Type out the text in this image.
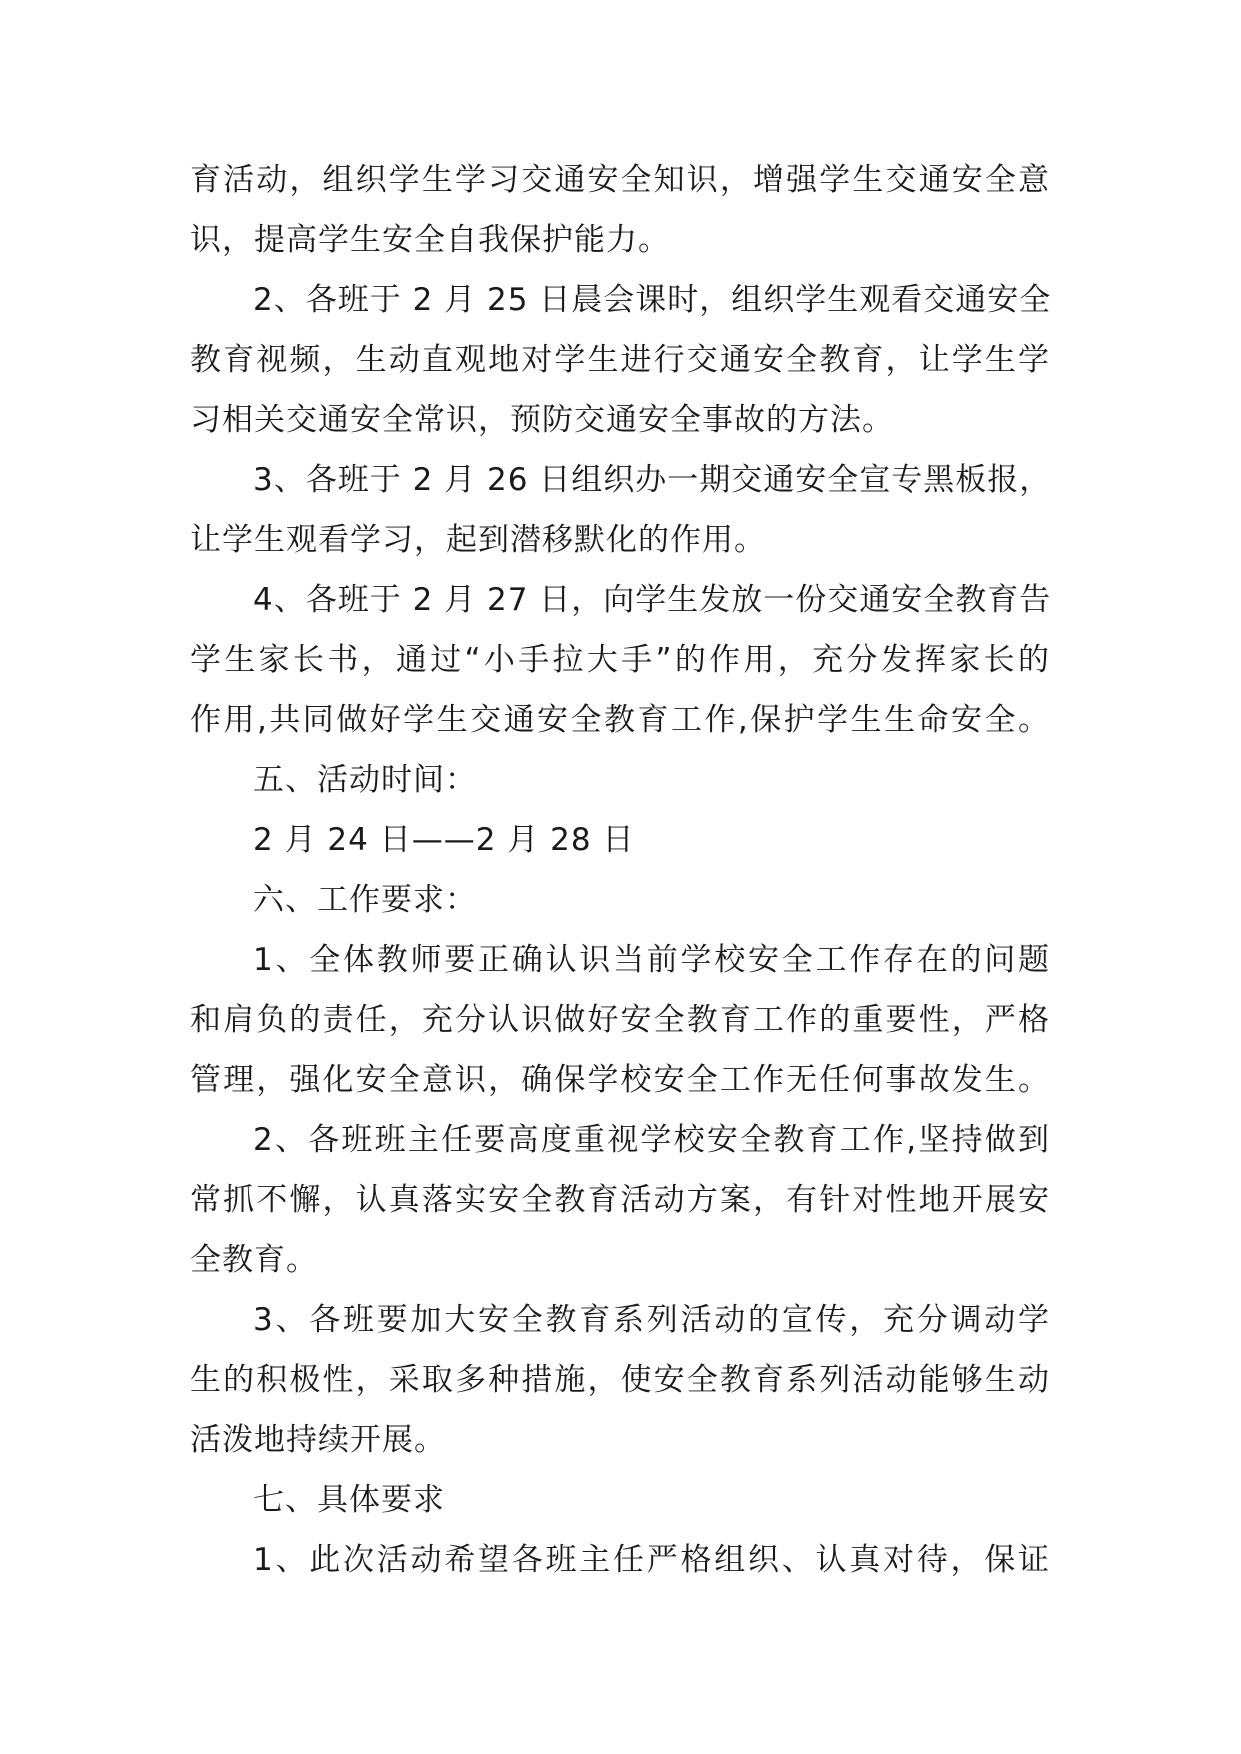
育活动，组织学生学习交通安全知识，增强学生交通安全意
识，提高学生安全自我保护能力。
2、各班于 2 月 25 日晨会课时，组织学生观看交通安全
教育视频，生动直观地对学生进行交通安全教育，让学生学
习相关交通安全常识，预防交通安全事故的方法。
3、各班于 2 月 26 日组织办一期交通安全宣专黑板报，
让学生观看学习，起到潜移默化的作用。
4、各班于 2 月 27 日，向学生发放一份交通安全教育告
学生家长书，通过“小手拉大手”的作用，充分发挥家长的
作用,共同做好学生交通安全教育工作,保护学生生命安全。
五、活动时间：
2 月 24 日——2 月 28 日
六、工作要求：
1、全体教师要正确认识当前学校安全工作存在的问题
和肩负的责任，充分认识做好安全教育工作的重要性，严格
管理，强化安全意识，确保学校安全工作无任何事故发生。
2、各班班主任要高度重视学校安全教育工作,坚持做到
常抓不懈，认真落实安全教育活动方案，有针对性地开展安
全教育。
3、各班要加大安全教育系列活动的宣传，充分调动学
生的积极性，采取多种措施，使安全教育系列活动能够生动
活泼地持续开展。
七、具体要求
1、此次活动希望各班主任严格组织、认真对待，保证
